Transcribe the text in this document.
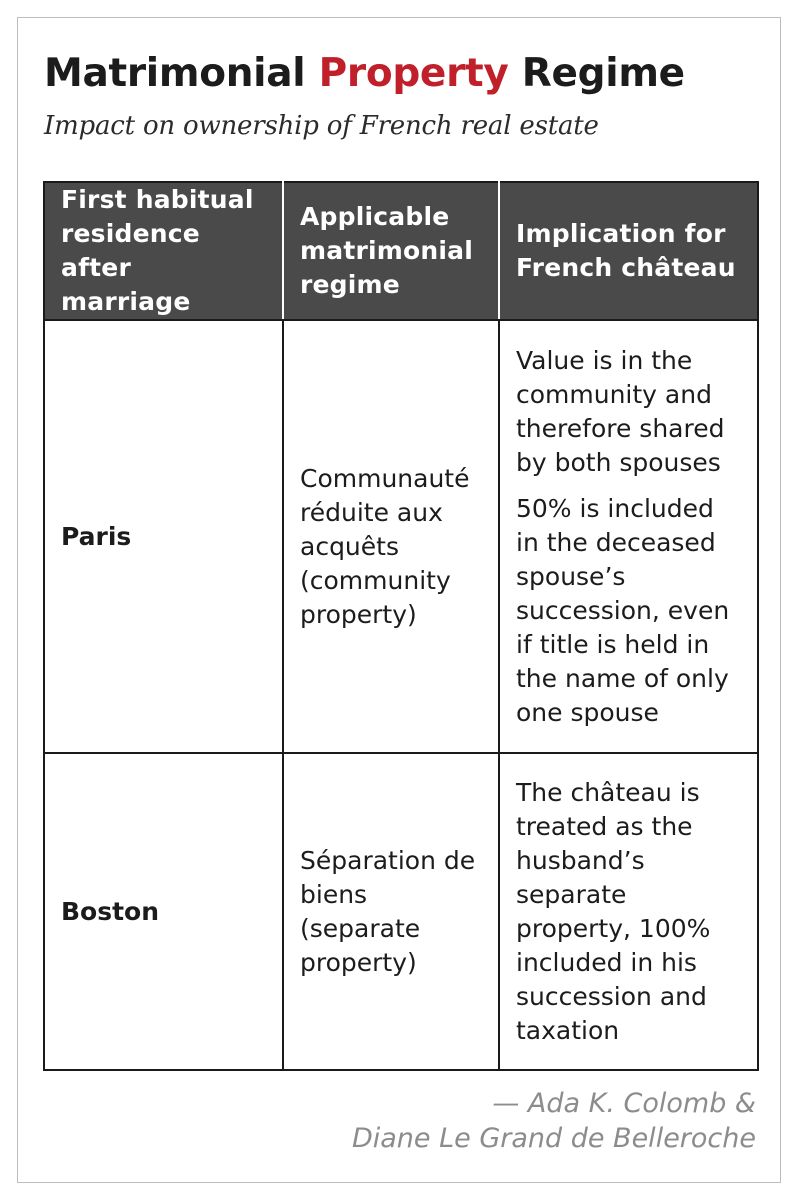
Matrimonial Property Regime

Impact on ownership of French real estate

First habitual residence after marriage	Applicable matrimonial regime	Implication for French château
Paris	Communauté réduite aux acquêts (community property)	Value is in the community and therefore shared by both spouses

50% is included in the deceased spouse’s succession, even if title is held in the name of only one spouse

Boston	Séparation de biens (separate property)	The château is treated as the husband’s separate property, 100% included in his succession and taxation

— Ada K. Colomb &
Diane Le Grand de Belleroche
